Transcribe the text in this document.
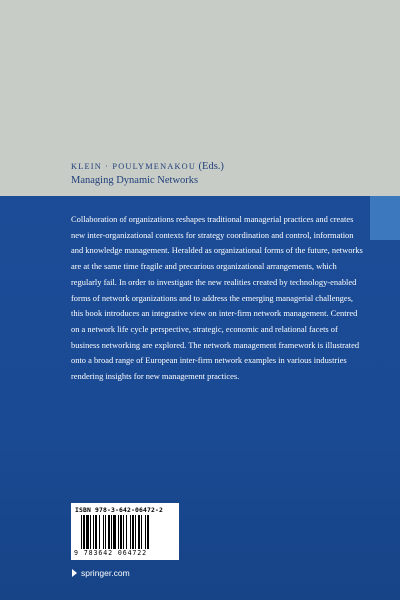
KLEIN · POULYMENAKOU (Eds.)
Managing Dynamic Networks

Collaboration of organizations reshapes traditional managerial practices and creates new inter-organizational contexts for strategy coordination and control, information and knowledge management. Heralded as organizational forms of the future, networks are at the same time fragile and precarious organizational arrangements, which regularly fail. In order to investigate the new realities created by technology-enabled forms of network organizations and to address the emerging managerial challenges, this book introduces an integrative view on inter-firm network management. Centred on a network life cycle perspective, strategic, economic and relational facets of business networking are explored. The network management framework is illustrated onto a broad range of European inter-firm network examples in various industries rendering insights for new management practices.

ISBN 978-3-642-06472-2
9 783642 064722
springer.com
